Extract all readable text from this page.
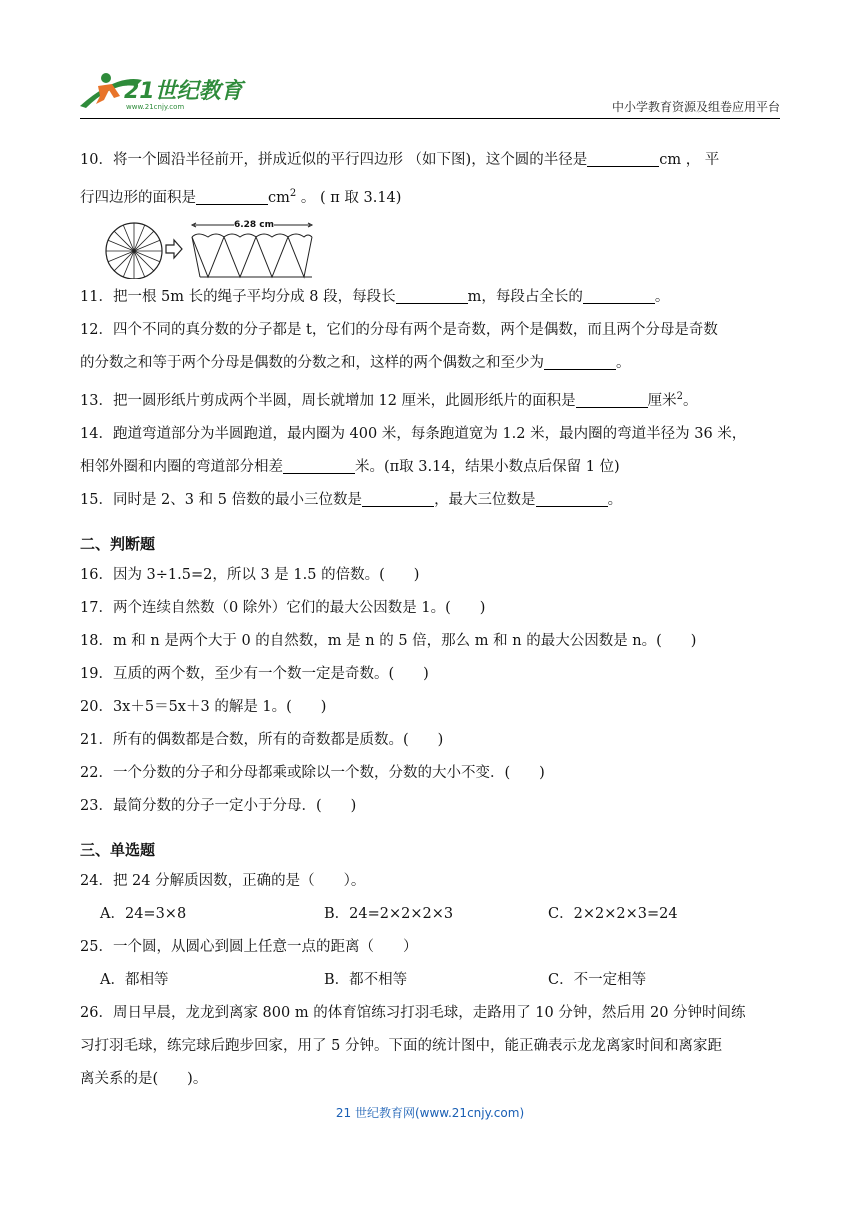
21世纪教育
www.21cnjy.com	中小学教育资源及组卷应用平台

10．将一个圆沿半径前开，拼成近似的平行四边形 （如下图)，这个圆的半径是	cm ， 平

行四边形的面积是	$cm^2$ 。 ( π 取 3.14)

6.28 cm

11．把一根 5m 长的绳子平均分成 8 段，每段长	m，每段占全长的	。

12．四个不同的真分数的分子都是 t，它们的分母有两个是奇数，两个是偶数，而且两个分母是奇数

的分数之和等于两个分母是偶数的分数之和，这样的两个偶数之和至少为	。

13．把一圆形纸片剪成两个半圆，周长就增加 12 厘米，此圆形纸片的面积是	厘米$^2$。

14．跑道弯道部分为半圆跑道，最内圈为 400 米，每条跑道宽为 1.2 米，最内圈的弯道半径为 36 米，

相邻外圈和内圈的弯道部分相差	米。(π取 3.14，结果小数点后保留 1 位)

15．同时是 2、3 和 5 倍数的最小三位数是	，最大三位数是	。

二、判断题

16．因为 3÷1.5=2，所以 3 是 1.5 的倍数。(　　)

17．两个连续自然数（0 除外）它们的最大公因数是 1。(　　)

18．m 和 n 是两个大于 0 的自然数，m 是 n 的 5 倍，那么 m 和 n 的最大公因数是 n。(　　)

19．互质的两个数，至少有一个数一定是奇数。(　　)

20．3x＋5＝5x＋3 的解是 1。(　　)

21．所有的偶数都是合数，所有的奇数都是质数。(　　)

22．一个分数的分子和分母都乘或除以一个数，分数的大小不变．(　　)

23．最简分数的分子一定小于分母．(　　)

三、单选题

24．把 24 分解质因数，正确的是（　　）。

A．24=3×8	B．24=2×2×2×3	C．2×2×2×3=24

25．一个圆，从圆心到圆上任意一点的距离（　　）

A．都相等	B．都不相等	C．不一定相等

26．周日早晨，龙龙到离家 800 m 的体育馆练习打羽毛球，走路用了 10 分钟，然后用 20 分钟时间练

习打羽毛球，练完球后跑步回家，用了 5 分钟。下面的统计图中，能正确表示龙龙离家时间和离家距

离关系的是(　　)。

21 世纪教育网(www.21cnjy.com)
